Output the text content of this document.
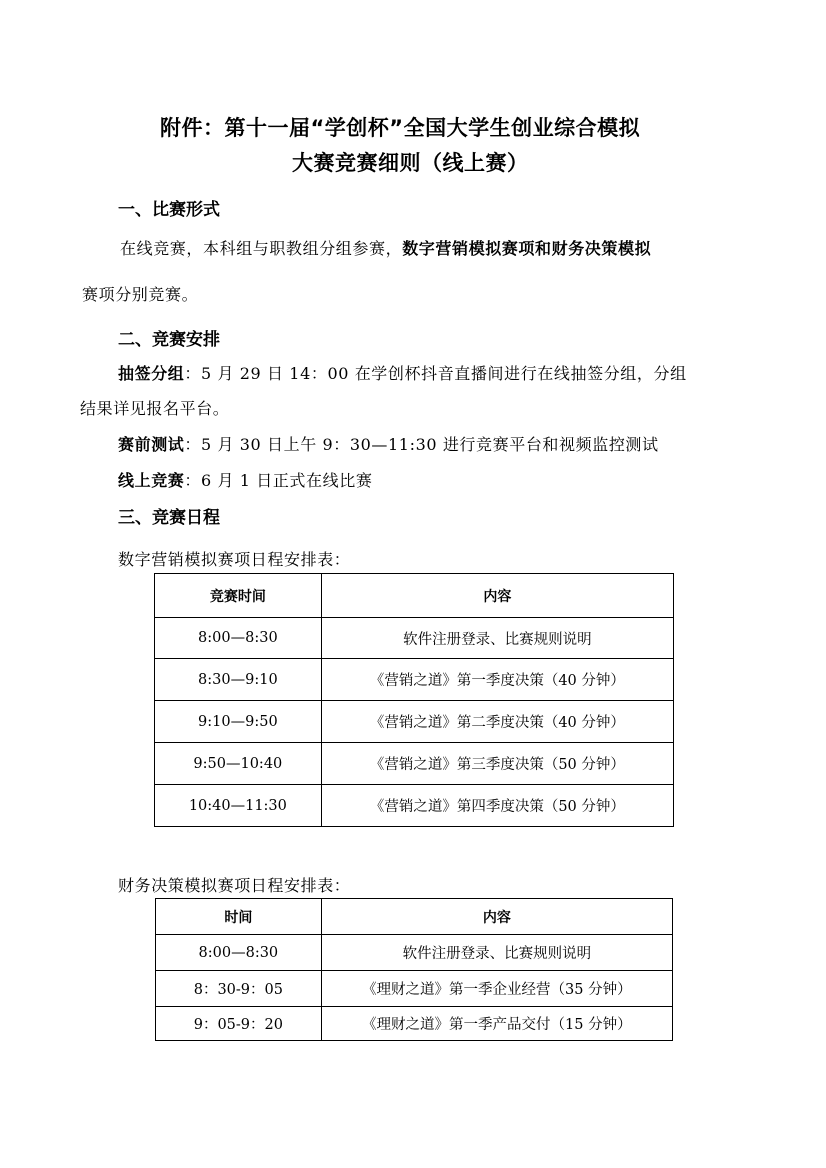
附件：第十一届“学创杯”全国大学生创业综合模拟

大赛竞赛细则（线上赛）

一、比赛形式

在线竞赛，本科组与职教组分组参赛，数字营销模拟赛项和财务决策模拟

赛项分别竞赛。

二、竞赛安排

抽签分组：5 月 29 日 14：00 在学创杯抖音直播间进行在线抽签分组，分组

结果详见报名平台。

赛前测试：5 月 30 日上午 9：30—11:30 进行竞赛平台和视频监控测试

线上竞赛：6 月 1 日正式在线比赛

三、竞赛日程

数字营销模拟赛项日程安排表：

竞赛时间	内容
8:00—8:30	软件注册登录、比赛规则说明
8:30—9:10	《营销之道》第一季度决策（40 分钟）
9:10—9:50	《营销之道》第二季度决策（40 分钟）
9:50—10:40	《营销之道》第三季度决策（50 分钟）
10:40—11:30	《营销之道》第四季度决策（50 分钟）

财务决策模拟赛项日程安排表：

时间	内容
8:00—8:30	软件注册登录、比赛规则说明
8：30-9：05	《理财之道》第一季企业经营（35 分钟）
9：05-9：20	《理财之道》第一季产品交付（15 分钟）
